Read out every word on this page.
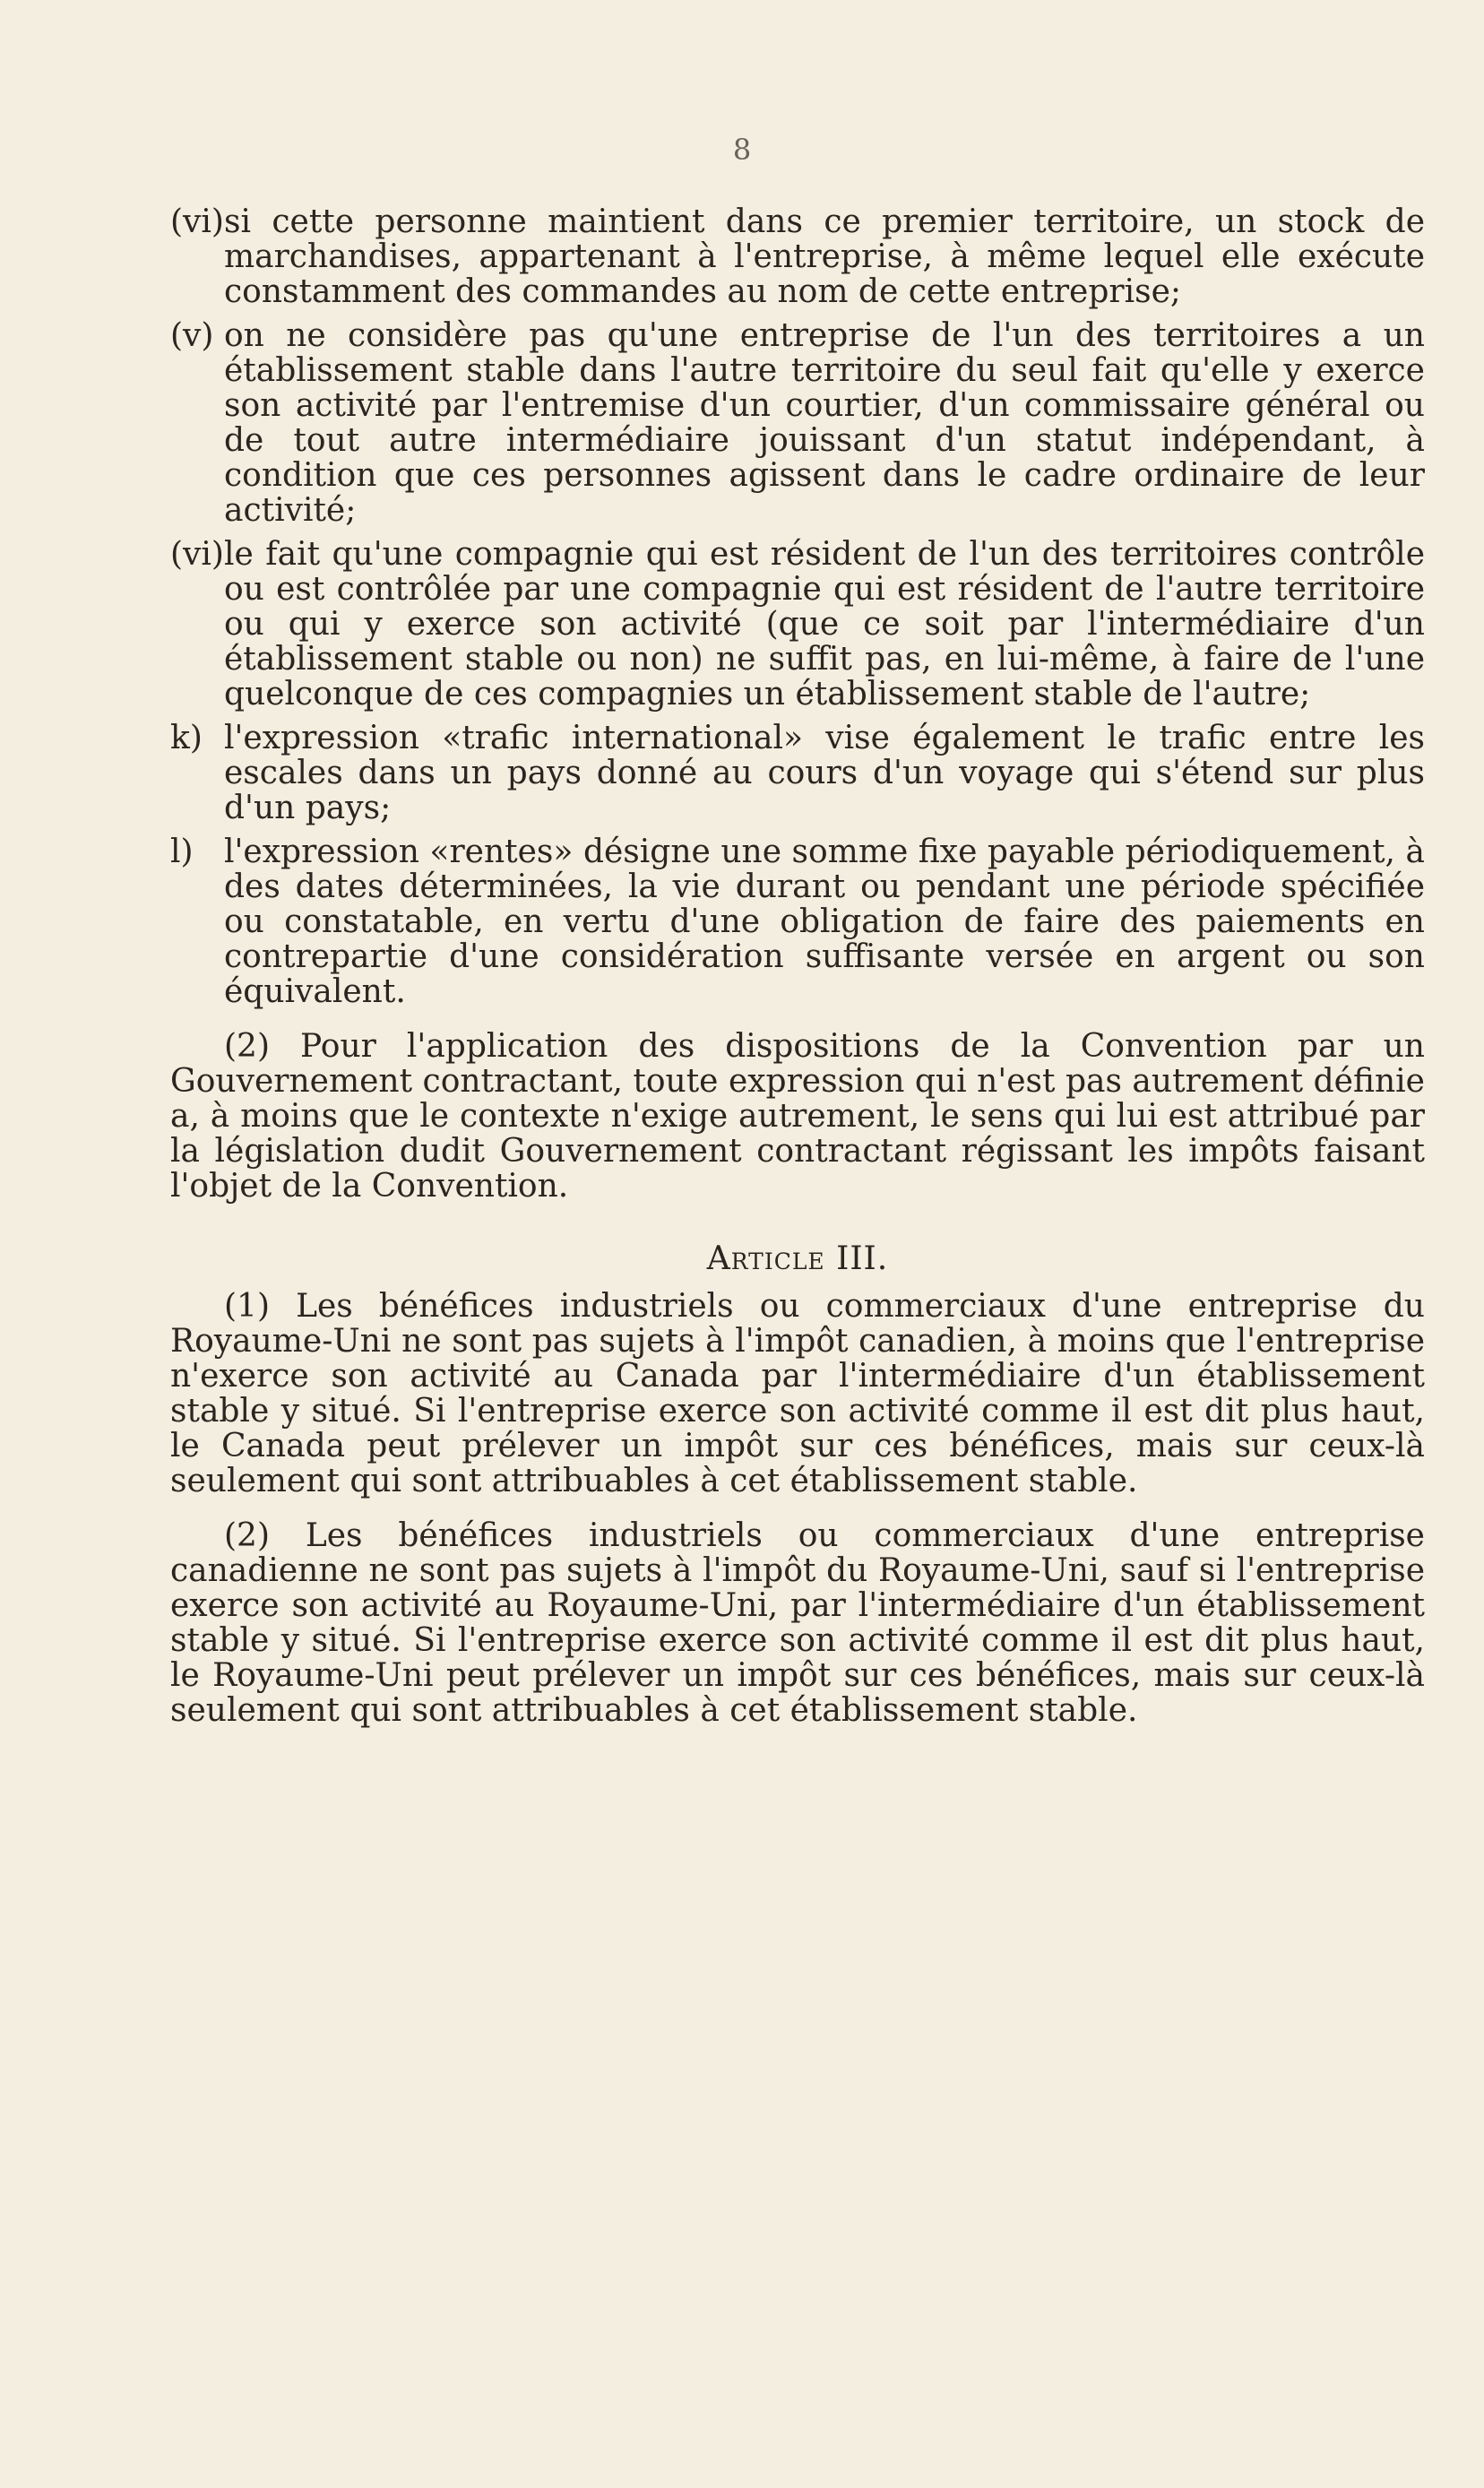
8
(vi)si cette personne maintient dans ce premier territoire, un stock de marchandises, appartenant à l'entreprise, à même lequel elle exécute constamment des commandes au nom de cette entreprise;
(v) on ne considère pas qu'une entreprise de l'un des territoires a un établissement stable dans l'autre territoire du seul fait qu'elle y exerce son activité par l'entremise d'un courtier, d'un commissaire général ou de tout autre intermédiaire jouissant d'un statut indépendant, à condition que ces personnes agissent dans le cadre ordinaire de leur activité;
(vi)le fait qu'une compagnie qui est résident de l'un des territoires contrôle ou est contrôlée par une compagnie qui est résident de l'autre territoire ou qui y exerce son activité (que ce soit par l'intermédiaire d'un établissement stable ou non) ne suffit pas, en lui-même, à faire de l'une quelconque de ces compagnies un établissement stable de l'autre;
k) l'expression «trafic international» vise également le trafic entre les escales dans un pays donné au cours d'un voyage qui s'étend sur plus d'un pays;
l) l'expression «rentes» désigne une somme fixe payable périodiquement, à des dates déterminées, la vie durant ou pendant une période spécifiée ou constatable, en vertu d'une obligation de faire des paiements en contrepartie d'une considération suffisante versée en argent ou son équivalent.

(2) Pour l'application des dispositions de la Convention par un Gouvernement contractant, toute expression qui n'est pas autrement définie a, à moins que le contexte n'exige autrement, le sens qui lui est attribué par la législation dudit Gouvernement contractant régissant les impôts faisant l'objet de la Convention.

Article III.

(1) Les bénéfices industriels ou commerciaux d'une entreprise du Royaume-Uni ne sont pas sujets à l'impôt canadien, à moins que l'entreprise n'exerce son activité au Canada par l'intermédiaire d'un établissement stable y situé. Si l'entreprise exerce son activité comme il est dit plus haut, le Canada peut prélever un impôt sur ces bénéfices, mais sur ceux-là seulement qui sont attribuables à cet établissement stable.

(2) Les bénéfices industriels ou commerciaux d'une entreprise canadienne ne sont pas sujets à l'impôt du Royaume-Uni, sauf si l'entreprise exerce son activité au Royaume-Uni, par l'intermédiaire d'un établissement stable y situé. Si l'entreprise exerce son activité comme il est dit plus haut, le Royaume-Uni peut prélever un impôt sur ces bénéfices, mais sur ceux-là seulement qui sont attribuables à cet établissement stable.
